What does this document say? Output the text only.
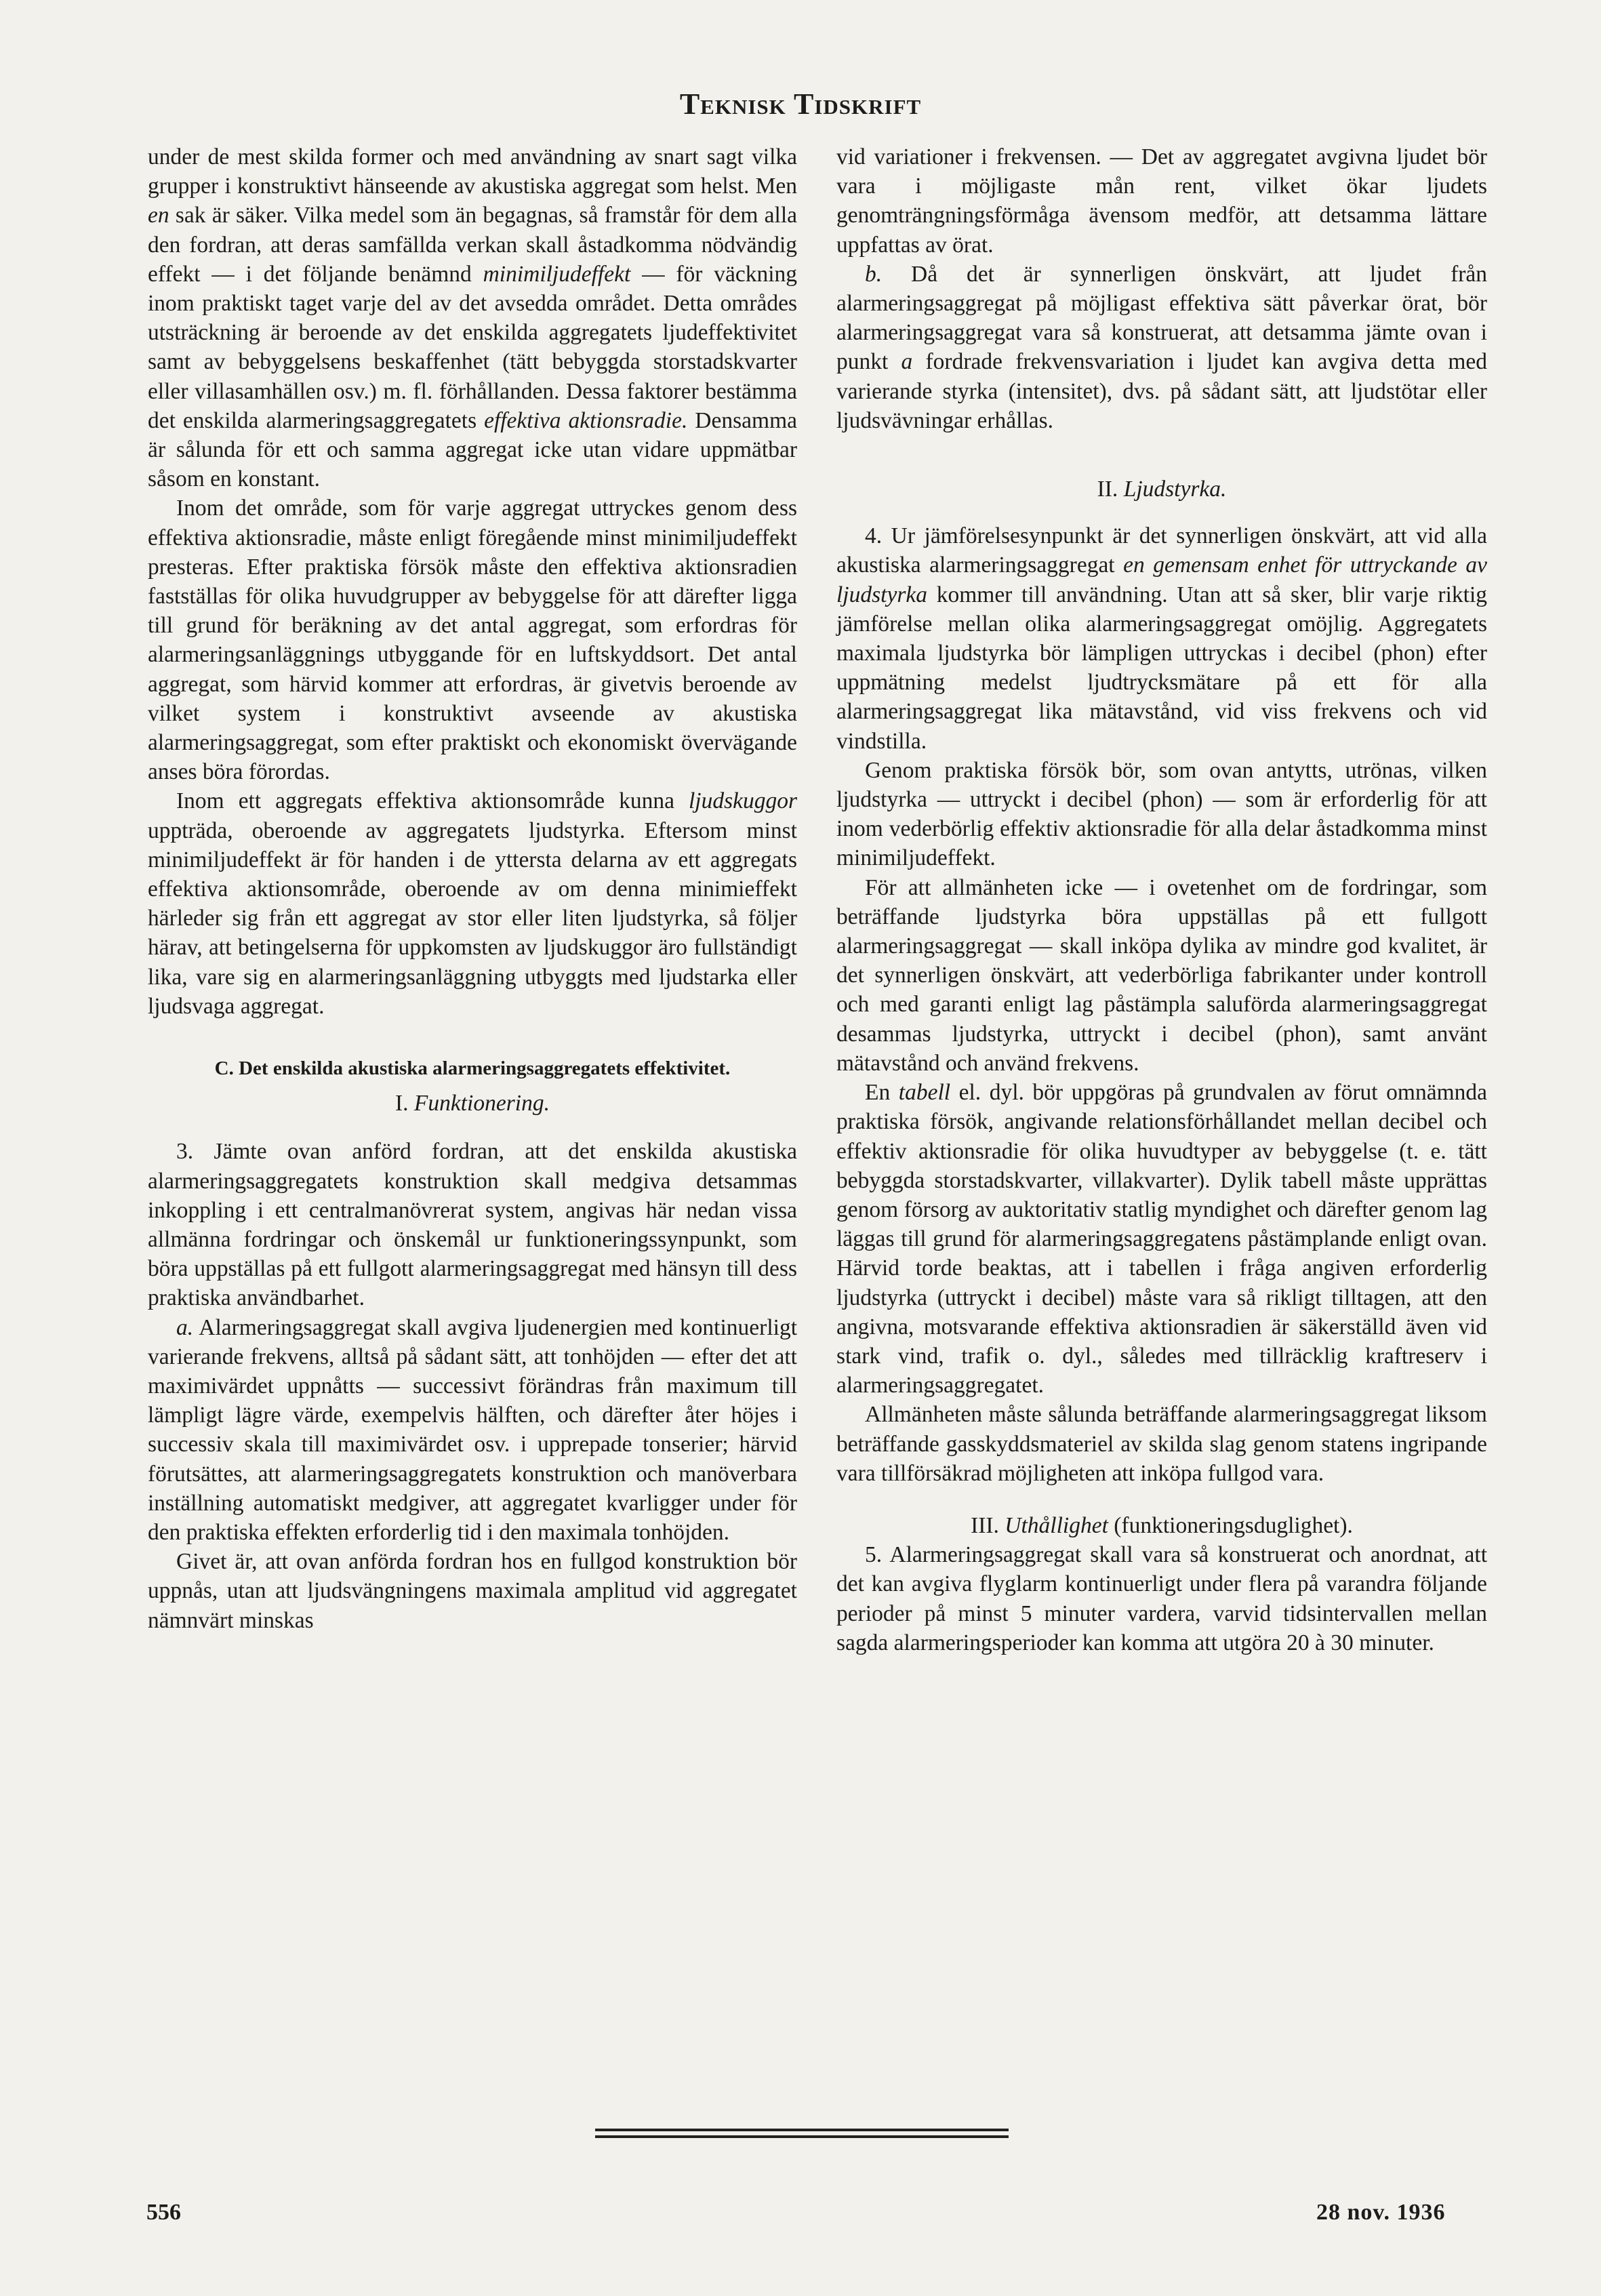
Teknisk Tidskrift

under de mest skilda former och med användning av snart sagt vilka grupper i konstruktivt hänseende av akustiska aggregat som helst. Men en sak är säker. Vilka medel som än begagnas, så framstår för dem alla den fordran, att deras samfällda verkan skall åstadkomma nödvändig effekt — i det följande benämnd minimiljudeffekt — för väckning inom praktiskt taget varje del av det avsedda området. Detta områdes utsträckning är beroende av det enskilda aggregatets ljudeffektivitet samt av bebyggelsens beskaffenhet (tätt bebyggda storstadskvarter eller villasamhällen osv.) m. fl. förhållanden. Dessa faktorer bestämma det enskilda alarmeringsaggregatets effektiva aktionsradie. Densamma är sålunda för ett och samma aggregat icke utan vidare uppmätbar såsom en konstant.

Inom det område, som för varje aggregat uttryckes genom dess effektiva aktionsradie, måste enligt föregående minst minimiljudeffekt presteras. Efter praktiska försök måste den effektiva aktionsradien fastställas för olika huvudgrupper av bebyggelse för att därefter ligga till grund för beräkning av det antal aggregat, som erfordras för alarmeringsanläggnings utbyggande för en luftskyddsort. Det antal aggregat, som härvid kommer att erfordras, är givetvis beroende av vilket system i konstruktivt avseende av akustiska alarmeringsaggregat, som efter praktiskt och ekonomiskt övervägande anses böra förordas.

Inom ett aggregats effektiva aktionsområde kunna ljudskuggor uppträda, oberoende av aggregatets ljudstyrka. Eftersom minst minimiljudeffekt är för handen i de yttersta delarna av ett aggregats effektiva aktionsområde, oberoende av om denna minimieffekt härleder sig från ett aggregat av stor eller liten ljudstyrka, så följer härav, att betingelserna för uppkomsten av ljudskuggor äro fullständigt lika, vare sig en alarmeringsanläggning utbyggts med ljudstarka eller ljudsvaga aggregat.

C. Det enskilda akustiska alarmeringsaggregatets effektivitet.

I. Funktionering.

3. Jämte ovan anförd fordran, att det enskilda akustiska alarmeringsaggregatets konstruktion skall medgiva detsammas inkoppling i ett centralmanövrerat system, angivas här nedan vissa allmänna fordringar och önskemål ur funktioneringssynpunkt, som böra uppställas på ett fullgott alarmeringsaggregat med hänsyn till dess praktiska användbarhet.

a. Alarmeringsaggregat skall avgiva ljudenergien med kontinuerligt varierande frekvens, alltså på sådant sätt, att tonhöjden — efter det att maximivärdet uppnåtts — successivt förändras från maximum till lämpligt lägre värde, exempelvis hälften, och därefter åter höjes i successiv skala till maximivärdet osv. i upprepade tonserier; härvid förutsättes, att alarmeringsaggregatets konstruktion och manöverbara inställning automatiskt medgiver, att aggregatet kvarligger under för den praktiska effekten erforderlig tid i den maximala tonhöjden.

Givet är, att ovan anförda fordran hos en fullgod konstruktion bör uppnås, utan att ljudsvängningens maximala amplitud vid aggregatet nämnvärt minskas

vid variationer i frekvensen. — Det av aggregatet avgivna ljudet bör vara i möjligaste mån rent, vilket ökar ljudets genomträngningsförmåga ävensom medför, att detsamma lättare uppfattas av örat.

b. Då det är synnerligen önskvärt, att ljudet från alarmeringsaggregat på möjligast effektiva sätt påverkar örat, bör alarmeringsaggregat vara så konstruerat, att detsamma jämte ovan i punkt a fordrade frekvensvariation i ljudet kan avgiva detta med varierande styrka (intensitet), dvs. på sådant sätt, att ljudstötar eller ljudsvävningar erhållas.

II. Ljudstyrka.

4. Ur jämförelsesynpunkt är det synnerligen önskvärt, att vid alla akustiska alarmeringsaggregat en gemensam enhet för uttryckande av ljudstyrka kommer till användning. Utan att så sker, blir varje riktig jämförelse mellan olika alarmeringsaggregat omöjlig. Aggregatets maximala ljudstyrka bör lämpligen uttryckas i decibel (phon) efter uppmätning medelst ljudtrycksmätare på ett för alla alarmeringsaggregat lika mätavstånd, vid viss frekvens och vid vindstilla.

Genom praktiska försök bör, som ovan antytts, utrönas, vilken ljudstyrka — uttryckt i decibel (phon) — som är erforderlig för att inom vederbörlig effektiv aktionsradie för alla delar åstadkomma minst minimiljudeffekt.

För att allmänheten icke — i ovetenhet om de fordringar, som beträffande ljudstyrka böra uppställas på ett fullgott alarmeringsaggregat — skall inköpa dylika av mindre god kvalitet, är det synnerligen önskvärt, att vederbörliga fabrikanter under kontroll och med garanti enligt lag påstämpla saluförda alarmeringsaggregat desammas ljudstyrka, uttryckt i decibel (phon), samt använt mätavstånd och använd frekvens.

En tabell el. dyl. bör uppgöras på grundvalen av förut omnämnda praktiska försök, angivande relationsförhållandet mellan decibel och effektiv aktionsradie för olika huvudtyper av bebyggelse (t. e. tätt bebyggda storstadskvarter, villakvarter). Dylik tabell måste upprättas genom försorg av auktoritativ statlig myndighet och därefter genom lag läggas till grund för alarmeringsaggregatens påstämplande enligt ovan. Härvid torde beaktas, att i tabellen i fråga angiven erforderlig ljudstyrka (uttryckt i decibel) måste vara så rikligt tilltagen, att den angivna, motsvarande effektiva aktionsradien är säkerställd även vid stark vind, trafik o. dyl., således med tillräcklig kraftreserv i alarmeringsaggregatet.

Allmänheten måste sålunda beträffande alarmeringsaggregat liksom beträffande gasskyddsmateriel av skilda slag genom statens ingripande vara tillförsäkrad möjligheten att inköpa fullgod vara.

III. Uthållighet (funktioneringsduglighet).

5. Alarmeringsaggregat skall vara så konstruerat och anordnat, att det kan avgiva flyglarm kontinuerligt under flera på varandra följande perioder på minst 5 minuter vardera, varvid tidsintervallen mellan sagda alarmeringsperioder kan komma att utgöra 20 à 30 minuter.

556	28 nov. 1936
